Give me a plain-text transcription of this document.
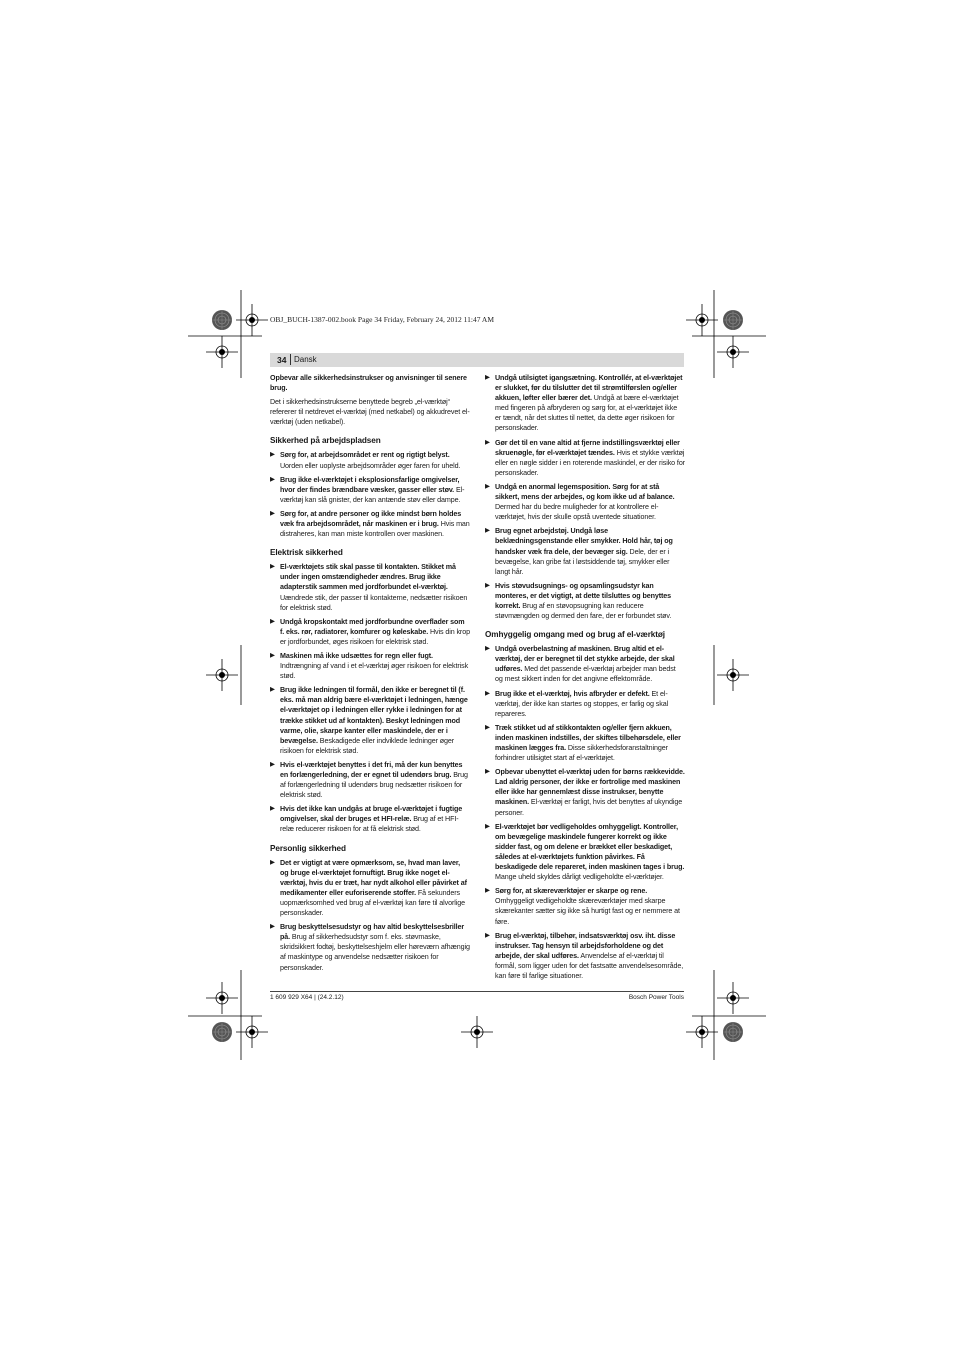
OBJ_BUCH-1387-002.book Page 34 Friday, February 24, 2012 11:47 AM
34 Dansk

Opbevar alle sikkerhedsinstrukser og anvisninger til senere brug.

Det i sikkerhedsinstrukserne benyttede begreb „el-værktøj“ refererer til netdrevet el-værktøj (med netkabel) og akkudrevet el-værktøj (uden netkabel).

Sikkerhed på arbejdspladsen
▶ Sørg for, at arbejdsområdet er rent og rigtigt belyst. Uorden eller uoplyste arbejdsområder øger faren for uheld.
▶ Brug ikke el-værktøjet i eksplosionsfarlige omgivelser, hvor der findes brændbare væsker, gasser eller støv. El-værktøj kan slå gnister, der kan antænde støv eller dampe.
▶ Sørg for, at andre personer og ikke mindst børn holdes væk fra arbejdsområdet, når maskinen er i brug. Hvis man distraheres, kan man miste kontrollen over maskinen.
Elektrisk sikkerhed
▶ El-værktøjets stik skal passe til kontakten. Stikket må under ingen omstændigheder ændres. Brug ikke adapterstik sammen med jordforbundet el-værktøj. Uændrede stik, der passer til kontakterne, nedsætter risikoen for elektrisk stød.
▶ Undgå kropskontakt med jordforbundne overflader som f. eks. rør, radiatorer, komfurer og køleskabe. Hvis din krop er jordforbundet, øges risikoen for elektrisk stød.
▶ Maskinen må ikke udsættes for regn eller fugt. Indtrængning af vand i et el-værktøj øger risikoen for elektrisk stød.
▶ Brug ikke ledningen til formål, den ikke er beregnet til (f. eks. må man aldrig bære el-værktøjet i ledningen, hænge el-værktøjet op i ledningen eller rykke i ledningen for at trække stikket ud af kontakten). Beskyt ledningen mod varme, olie, skarpe kanter eller maskindele, der er i bevægelse. Beskadigede eller indviklede ledninger øger risikoen for elektrisk stød.
▶ Hvis el-værktøjet benyttes i det fri, må der kun benyttes en forlængerledning, der er egnet til udendørs brug. Brug af forlængerledning til udendørs brug nedsætter risikoen for elektrisk stød.
▶ Hvis det ikke kan undgås at bruge el-værktøjet i fugtige omgivelser, skal der bruges et HFI-relæ. Brug af et HFI-relæ reducerer risikoen for at få elektrisk stød.
Personlig sikkerhed
▶ Det er vigtigt at være opmærksom, se, hvad man laver, og bruge el-værktøjet fornuftigt. Brug ikke noget el-værktøj, hvis du er træt, har nydt alkohol eller påvirket af medikamenter eller euforiserende stoffer. Få sekunders uopmærksomhed ved brug af el-værktøj kan føre til alvorlige personskader.
▶ Brug beskyttelsesudstyr og hav altid beskyttelsesbriller på. Brug af sikkerhedsudstyr som f. eks. støvmaske, skridsikkert fodtøj, beskyttelseshjelm eller høreværn afhængig af maskintype og anvendelse nedsætter risikoen for personskader.
▶ Undgå utilsigtet igangsætning. Kontrollér, at el-værktøjet er slukket, før du tilslutter det til strømtilførslen og/eller akkuen, løfter eller bærer det. Undgå at bære el-værktøjet med fingeren på afbryderen og sørg for, at el-værktøjet ikke er tændt, når det sluttes til nettet, da dette øger risikoen for personskader.
▶ Gør det til en vane altid at fjerne indstillingsværktøj eller skruenøgle, før el-værktøjet tændes. Hvis et stykke værktøj eller en nøgle sidder i en roterende maskindel, er der risiko for personskader.
▶ Undgå en anormal legemsposition. Sørg for at stå sikkert, mens der arbejdes, og kom ikke ud af balance. Dermed har du bedre muligheder for at kontrollere el-værktøjet, hvis der skulle opstå uventede situationer.
▶ Brug egnet arbejdstøj. Undgå løse beklædningsgenstande eller smykker. Hold hår, tøj og handsker væk fra dele, der bevæger sig. Dele, der er i bevægelse, kan gribe fat i løstsiddende tøj, smykker eller langt hår.
▶ Hvis støvudsugnings- og opsamlingsudstyr kan monteres, er det vigtigt, at dette tilsluttes og benyttes korrekt. Brug af en støvopsugning kan reducere støvmængden og dermed den fare, der er forbundet støv.
Omhyggelig omgang med og brug af el-værktøj
▶ Undgå overbelastning af maskinen. Brug altid et el-værktøj, der er beregnet til det stykke arbejde, der skal udføres. Med det passende el-værktøj arbejder man bedst og mest sikkert inden for det angivne effektområde.
▶ Brug ikke et el-værktøj, hvis afbryder er defekt. Et el-værktøj, der ikke kan startes og stoppes, er farlig og skal repareres.
▶ Træk stikket ud af stikkontakten og/eller fjern akkuen, inden maskinen indstilles, der skiftes tilbehørsdele, eller maskinen lægges fra. Disse sikkerhedsforanstaltninger forhindrer utilsigtet start af el-værktøjet.
▶ Opbevar ubenyttet el-værktøj uden for børns rækkevidde. Lad aldrig personer, der ikke er fortrolige med maskinen eller ikke har gennemlæst disse instrukser, benytte maskinen. El-værktøj er farligt, hvis det benyttes af ukyndige personer.
▶ El-værktøjet bør vedligeholdes omhyggeligt. Kontroller, om bevægelige maskindele fungerer korrekt og ikke sidder fast, og om delene er brækket eller beskadiget, således at el-værktøjets funktion påvirkes. Få beskadigede dele repareret, inden maskinen tages i brug. Mange uheld skyldes dårligt vedligeholdte el-værktøjer.
▶ Sørg for, at skæreværktøjer er skarpe og rene. Omhyggeligt vedligeholdte skæreværktøjer med skarpe skærekanter sætter sig ikke så hurtigt fast og er nemmere at føre.
▶ Brug el-værktøj, tilbehør, indsatsværktøj osv. iht. disse instrukser. Tag hensyn til arbejdsforholdene og det arbejde, der skal udføres. Anvendelse af el-værktøj til formål, som ligger uden for det fastsatte anvendelsesområde, kan føre til farlige situationer.
1 609 929 X64 | (24.2.12)	Bosch Power Tools
